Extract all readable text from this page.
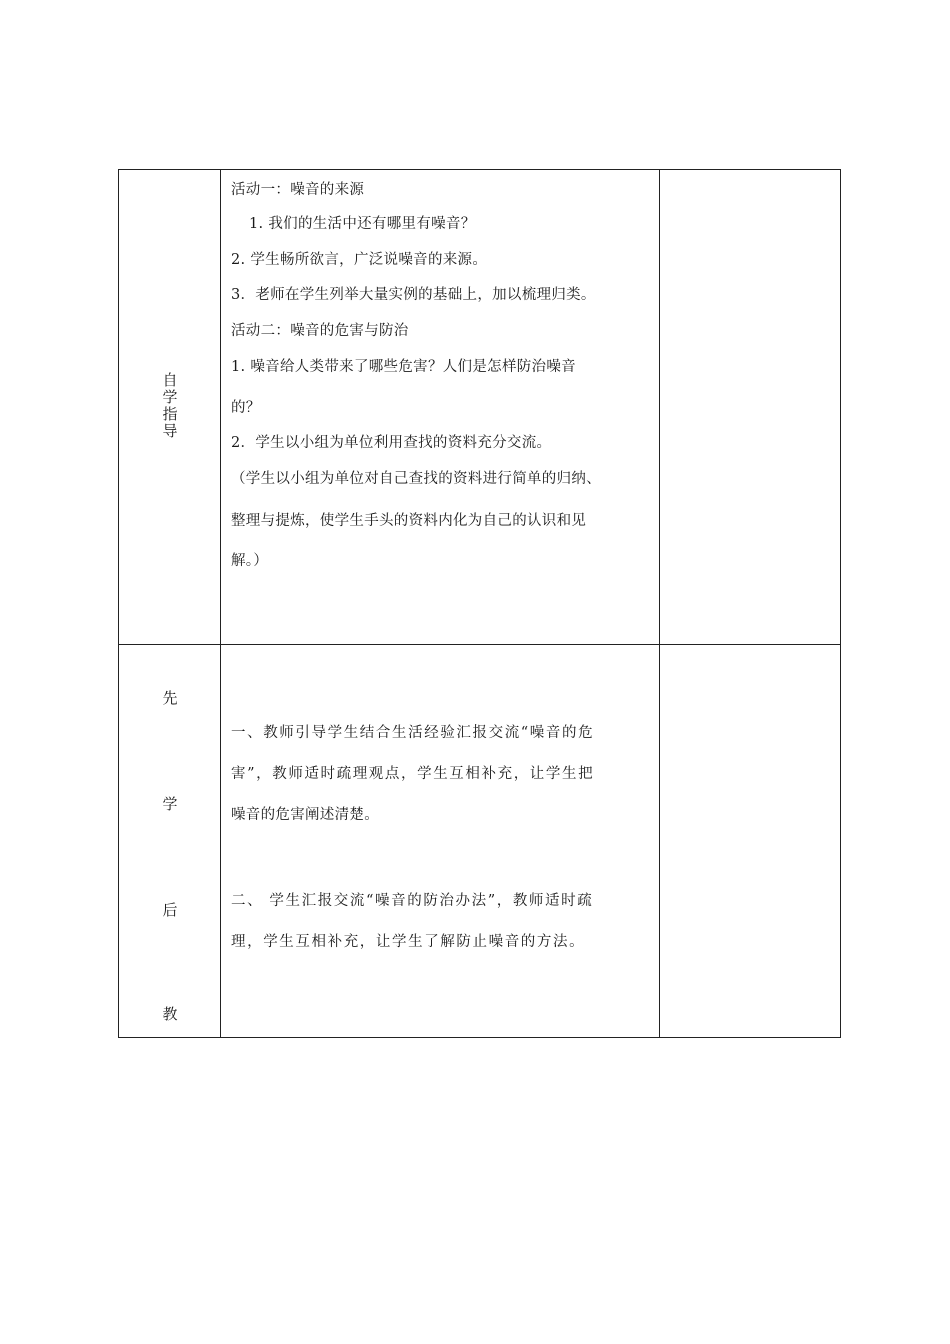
自学指导
活动一：噪音的来源
1. 我们的生活中还有哪里有噪音？
2. 学生畅所欲言，广泛说噪音的来源。
3．老师在学生列举大量实例的基础上，加以梳理归类。
活动二：噪音的危害与防治
1. 噪音给人类带来了哪些危害？人们是怎样防治噪音
的？
2．学生以小组为单位利用查找的资料充分交流。
（学生以小组为单位对自己查找的资料进行简单的归纳、
整理与提炼，使学生手头的资料内化为自己的认识和见
解。）
先
学
后
教
一、教师引导学生结合生活经验汇报交流“噪音的危
害”，教师适时疏理观点，学生互相补充，让学生把
噪音的危害阐述清楚。
二、 学生汇报交流“噪音的防治办法”，教师适时疏
理，学生互相补充，让学生了解防止噪音的方法。
